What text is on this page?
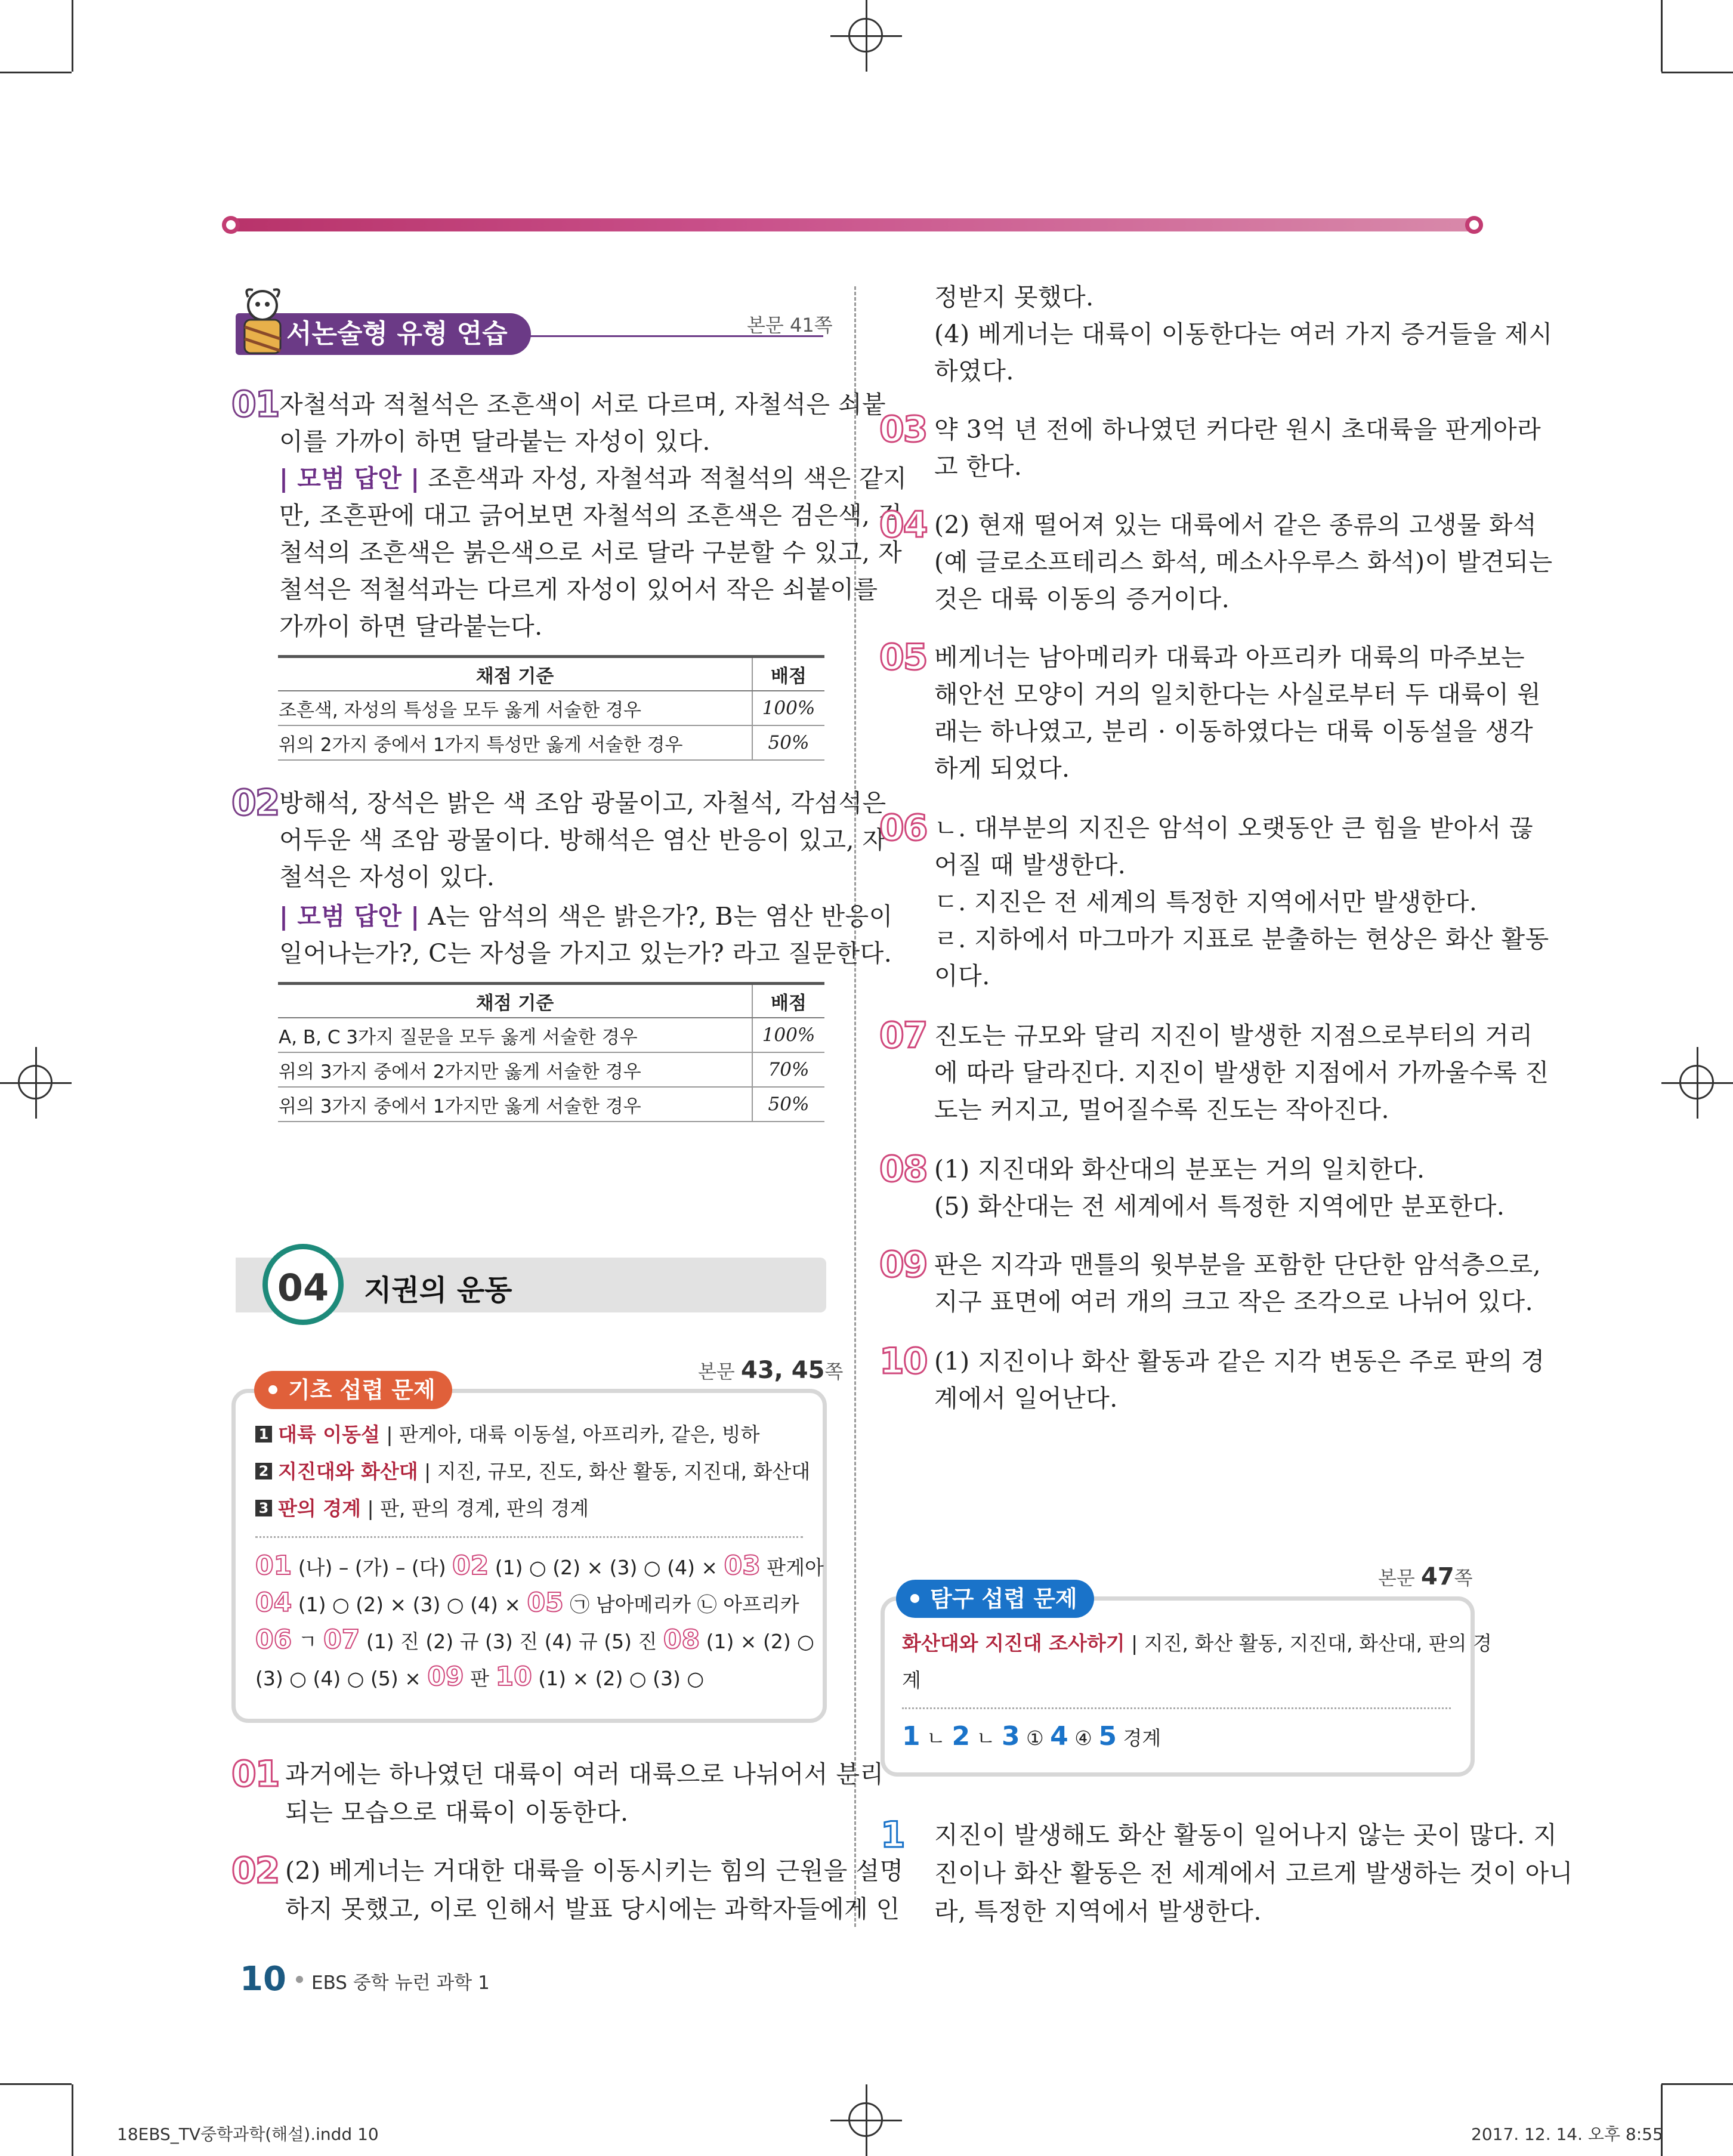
서논술형 유형 연습	본문 41쪽
01 자철석과 적철석은 조흔색이 서로 다르며, 자철석은 쇠붙
이를 가까이 하면 달라붙는 자성이 있다.
| 모범 답안 | 조흔색과 자성, 자철석과 적철석의 색은 같지
만, 조흔판에 대고 긁어보면 자철석의 조흔색은 검은색, 적
철석의 조흔색은 붉은색으로 서로 달라 구분할 수 있고, 자
철석은 적철석과는 다르게 자성이 있어서 작은 쇠붙이를
가까이 하면 달라붙는다.
채점 기준	배점
조흔색, 자성의 특성을 모두 옳게 서술한 경우	100%
위의 2가지 중에서 1가지 특성만 옳게 서술한 경우	50%
02 방해석, 장석은 밝은 색 조암 광물이고, 자철석, 각섬석은
어두운 색 조암 광물이다. 방해석은 염산 반응이 있고, 자
철석은 자성이 있다.
| 모범 답안 | A는 암석의 색은 밝은가?, B는 염산 반응이
일어나는가?, C는 자성을 가지고 있는가? 라고 질문한다.
채점 기준	배점
A, B, C 3가지 질문을 모두 옳게 서술한 경우	100%
위의 3가지 중에서 2가지만 옳게 서술한 경우	70%
위의 3가지 중에서 1가지만 옳게 서술한 경우	50%
04	지권의 운동
기초 섭렵 문제
본문 43, 45쪽
1 대륙 이동설 | 판게아, 대륙 이동설, 아프리카, 같은, 빙하
2 지진대와 화산대 | 지진, 규모, 진도, 화산 활동, 지진대, 화산대
3 판의 경계 | 판, 판의 경계, 판의 경계
01 (나) – (가) – (다) 02 (1) ○ (2) × (3) ○ (4) × 03 판게아
04 (1) ○ (2) × (3) ○ (4) × 05 ㉠ 남아메리카 ㉡ 아프리카
06 ㄱ 07 (1) 진 (2) 규 (3) 진 (4) 규 (5) 진 08 (1) × (2) ○
(3) ○ (4) ○ (5) × 09 판 10 (1) × (2) ○ (3) ○
01 과거에는 하나였던 대륙이 여러 대륙으로 나뉘어서 분리
되는 모습으로 대륙이 이동한다.
02 (2) 베게너는 거대한 대륙을 이동시키는 힘의 근원을 설명
하지 못했고, 이로 인해서 발표 당시에는 과학자들에게 인
정받지 못했다.
(4) 베게너는 대륙이 이동한다는 여러 가지 증거들을 제시
하였다.
03 약 3억 년 전에 하나였던 커다란 원시 초대륙을 판게아라
고 한다.
04 (2) 현재 떨어져 있는 대륙에서 같은 종류의 고생물 화석
(예 글로소프테리스 화석, 메소사우루스 화석)이 발견되는
것은 대륙 이동의 증거이다.
05 베게너는 남아메리카 대륙과 아프리카 대륙의 마주보는
해안선 모양이 거의 일치한다는 사실로부터 두 대륙이 원
래는 하나였고, 분리 · 이동하였다는 대륙 이동설을 생각
하게 되었다.
06 ㄴ. 대부분의 지진은 암석이 오랫동안 큰 힘을 받아서 끊
어질 때 발생한다.
ㄷ. 지진은 전 세계의 특정한 지역에서만 발생한다.
ㄹ. 지하에서 마그마가 지표로 분출하는 현상은 화산 활동
이다.
07 진도는 규모와 달리 지진이 발생한 지점으로부터의 거리
에 따라 달라진다. 지진이 발생한 지점에서 가까울수록 진
도는 커지고, 멀어질수록 진도는 작아진다.
08 (1) 지진대와 화산대의 분포는 거의 일치한다.
(5) 화산대는 전 세계에서 특정한 지역에만 분포한다.
09 판은 지각과 맨틀의 윗부분을 포함한 단단한 암석층으로,
지구 표면에 여러 개의 크고 작은 조각으로 나뉘어 있다.
10 (1) 지진이나 화산 활동과 같은 지각 변동은 주로 판의 경
계에서 일어난다.
탐구 섭렵 문제
본문 47쪽
화산대와 지진대 조사하기 | 지진, 화산 활동, 지진대, 화산대, 판의 경
계
1 ㄴ 2 ㄴ 3 ① 4 ④ 5 경계
1 지진이 발생해도 화산 활동이 일어나지 않는 곳이 많다. 지
진이나 화산 활동은 전 세계에서 고르게 발생하는 것이 아니
라, 특정한 지역에서 발생한다.
10 EBS 중학 뉴런 과학 1
18EBS_TV중학과학(해설).indd 10	2017. 12. 14. 오후 8:55
